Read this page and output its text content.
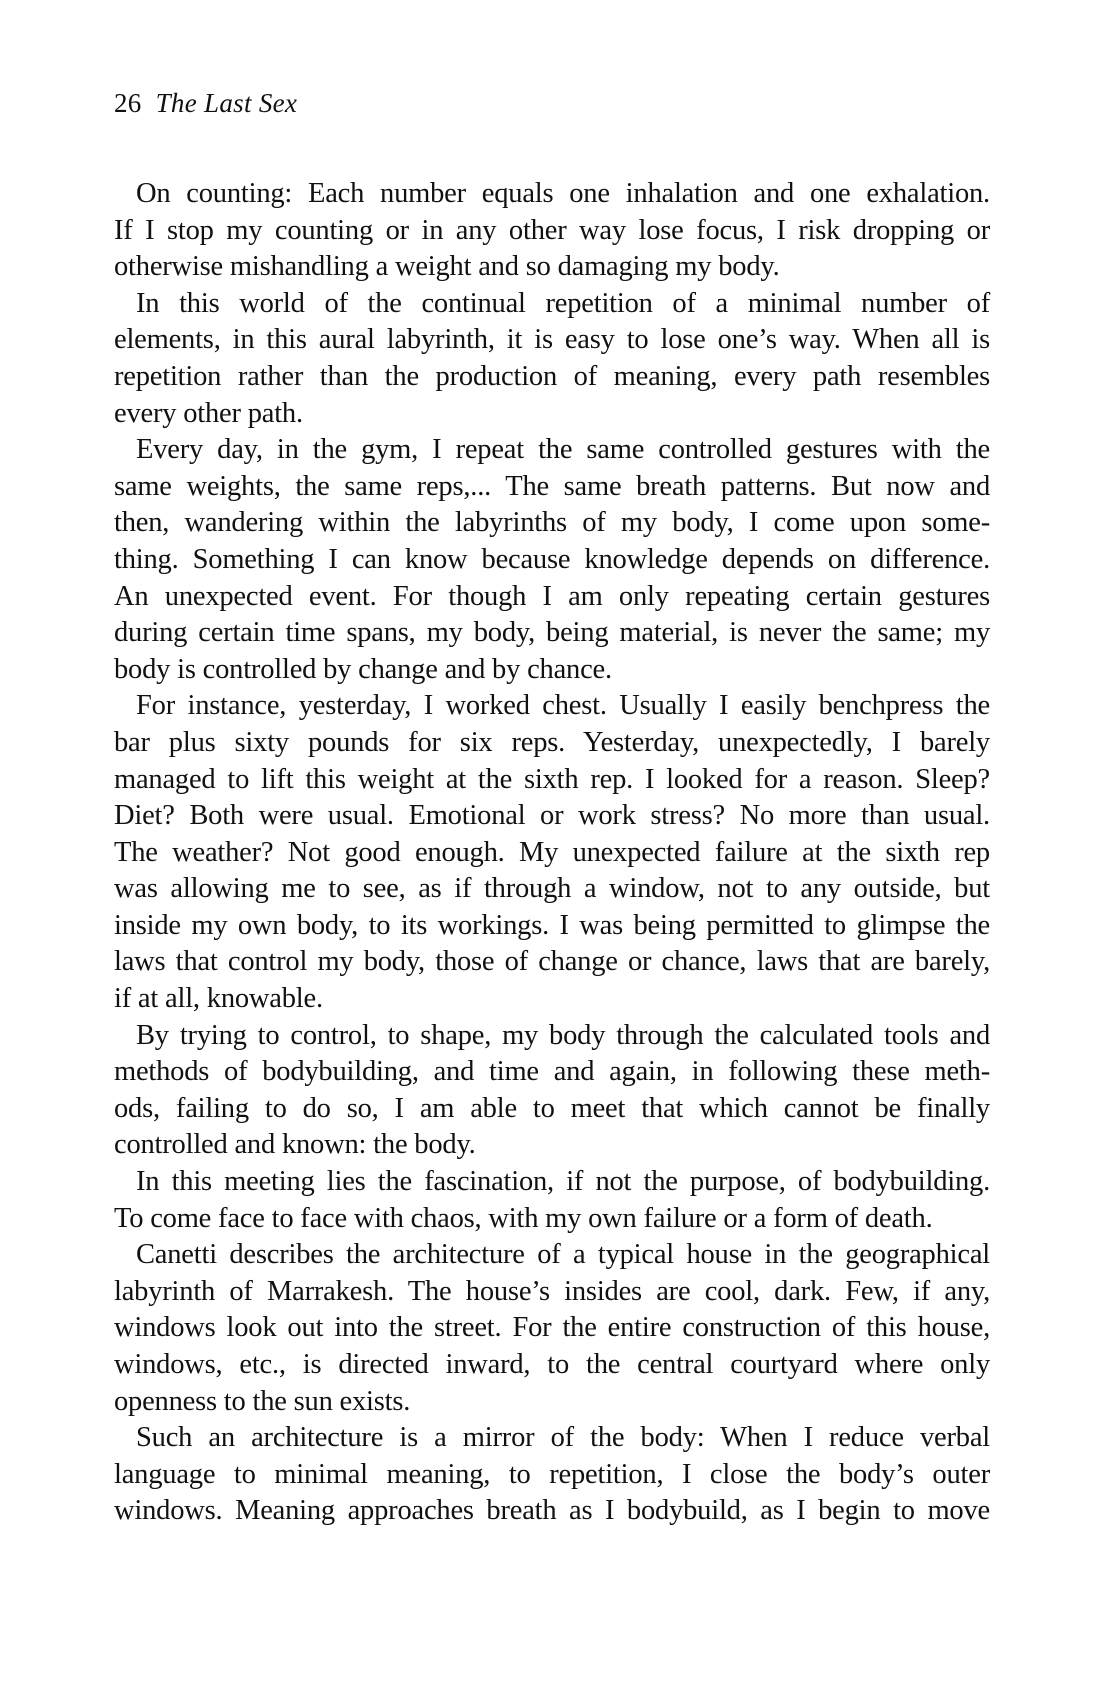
26 The Last Sex
On counting: Each number equals one inhalation and one exhalation.
If I stop my counting or in any other way lose focus, I risk dropping or
otherwise mishandling a weight and so damaging my body.
In this world of the continual repetition of a minimal number of
elements, in this aural labyrinth, it is easy to lose one’s way. When all is
repetition rather than the production of meaning, every path resembles
every other path.
Every day, in the gym, I repeat the same controlled gestures with the
same weights, the same reps,... The same breath patterns. But now and
then, wandering within the labyrinths of my body, I come upon some-
thing. Something I can know because knowledge depends on difference.
An unexpected event. For though I am only repeating certain gestures
during certain time spans, my body, being material, is never the same; my
body is controlled by change and by chance.
For instance, yesterday, I worked chest. Usually I easily benchpress the
bar plus sixty pounds for six reps. Yesterday, unexpectedly, I barely
managed to lift this weight at the sixth rep. I looked for a reason. Sleep?
Diet? Both were usual. Emotional or work stress? No more than usual.
The weather? Not good enough. My unexpected failure at the sixth rep
was allowing me to see, as if through a window, not to any outside, but
inside my own body, to its workings. I was being permitted to glimpse the
laws that control my body, those of change or chance, laws that are barely,
if at all, knowable.
By trying to control, to shape, my body through the calculated tools and
methods of bodybuilding, and time and again, in following these meth-
ods, failing to do so, I am able to meet that which cannot be finally
controlled and known: the body.
In this meeting lies the fascination, if not the purpose, of bodybuilding.
To come face to face with chaos, with my own failure or a form of death.
Canetti describes the architecture of a typical house in the geographical
labyrinth of Marrakesh. The house’s insides are cool, dark. Few, if any,
windows look out into the street. For the entire construction of this house,
windows, etc., is directed inward, to the central courtyard where only
openness to the sun exists.
Such an architecture is a mirror of the body: When I reduce verbal
language to minimal meaning, to repetition, I close the body’s outer
windows. Meaning approaches breath as I bodybuild, as I begin to move
